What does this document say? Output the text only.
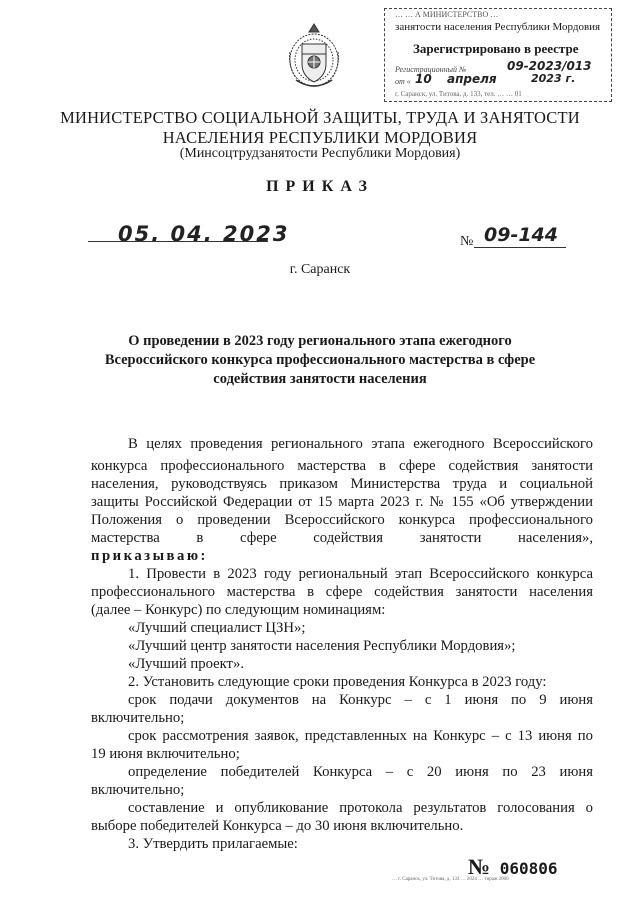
… … А МИНИСТЕРСТВО …
занятости населения Республики Мордовия
Зарегистрировано в реестре
Регистрационный №	09-2023/013
от « 10 апреля	2023 г.
г. Саранск, ул. Титова, д. 133, тел. … … 01
МИНИСТЕРСТВО СОЦИАЛЬНОЙ ЗАЩИТЫ, ТРУДА И ЗАНЯТОСТИ
НАСЕЛЕНИЯ РЕСПУБЛИКИ МОРДОВИЯ
(Минсоцтрудзанятости Республики Мордовия)
ПРИКАЗ
05. 04. 2023	№ 09-144
г. Саранск
О проведении в 2023 году регионального этапа ежегодного
Всероссийского конкурса профессионального мастерства в сфере
содействия занятости населения
В целях проведения регионального этапа ежегодного Всероссийского
конкурса профессионального мастерства в сфере содействия занятости
населения, руководствуясь приказом Министерства труда и социальной
защиты Российской Федерации от 15 марта 2023 г. № 155 «Об утверждении
Положения о проведении Всероссийского конкурса профессионального
мастерства в сфере содействия занятости населения»,
приказываю:
1. Провести в 2023 году региональный этап Всероссийского конкурса
профессионального мастерства в сфере содействия занятости населения
(далее – Конкурс) по следующим номинациям:
«Лучший специалист ЦЗН»;
«Лучший центр занятости населения Республики Мордовия»;
«Лучший проект».
2. Установить следующие сроки проведения Конкурса в 2023 году:
срок подачи документов на Конкурс – с 1 июня по 9 июня
включительно;
срок рассмотрения заявок, представленных на Конкурс – с 13 июня по
19 июня включительно;
определение победителей Конкурса – с 20 июня по 23 июня
включительно;
составление и опубликование протокола результатов голосования о
выборе победителей Конкурса – до 30 июня включительно.
3. Утвердить прилагаемые:
№ 060806
… г. Саранск, ул. Титова, д. 133 … 2024 … тираж 2000
